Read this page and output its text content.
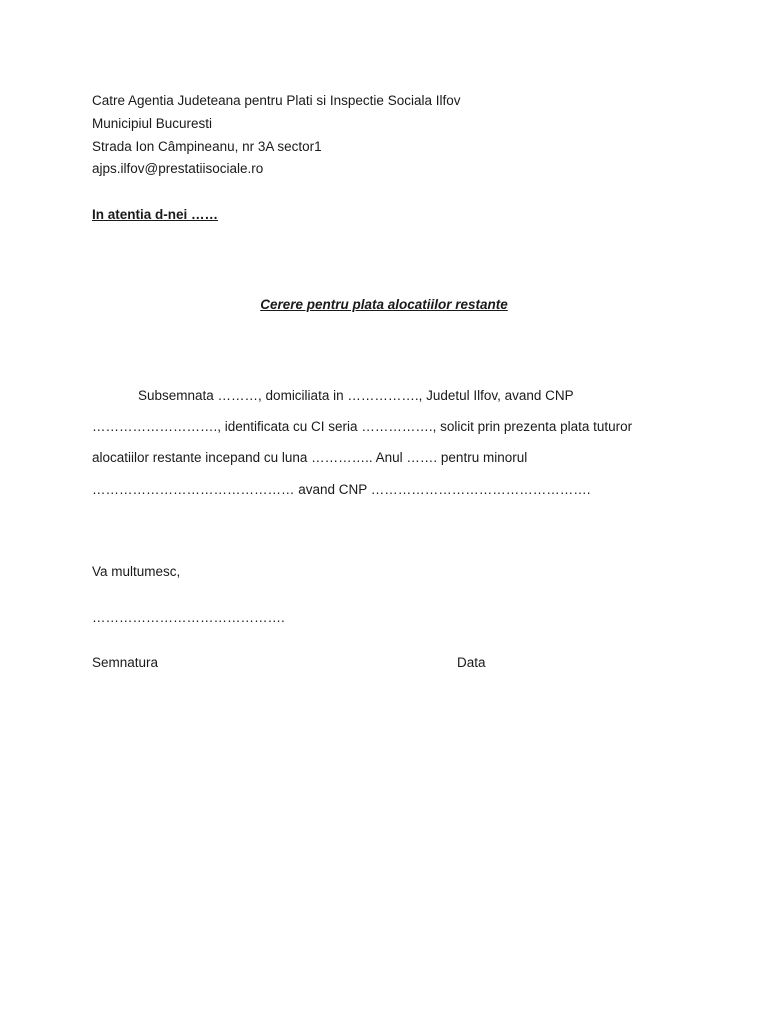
Catre Agentia Judeteana pentru Plati si Inspectie Sociala Ilfov
Municipiul Bucuresti
Strada Ion Câmpineanu, nr 3A sector1
ajps.ilfov@prestatiisociale.ro
In atentia d-nei ……
Cerere pentru plata alocatiilor restante
Subsemnata ………, domiciliata in ……………., Judetul Ilfov, avand CNP
………………………., identificata cu CI seria ……………., solicit prin prezenta plata tuturor
alocatiilor restante incepand cu luna ………….. Anul ……. pentru minorul
……………………………………… avand CNP ………………………………………….
Va multumesc,
…………………………………….
Semnatura	Data
